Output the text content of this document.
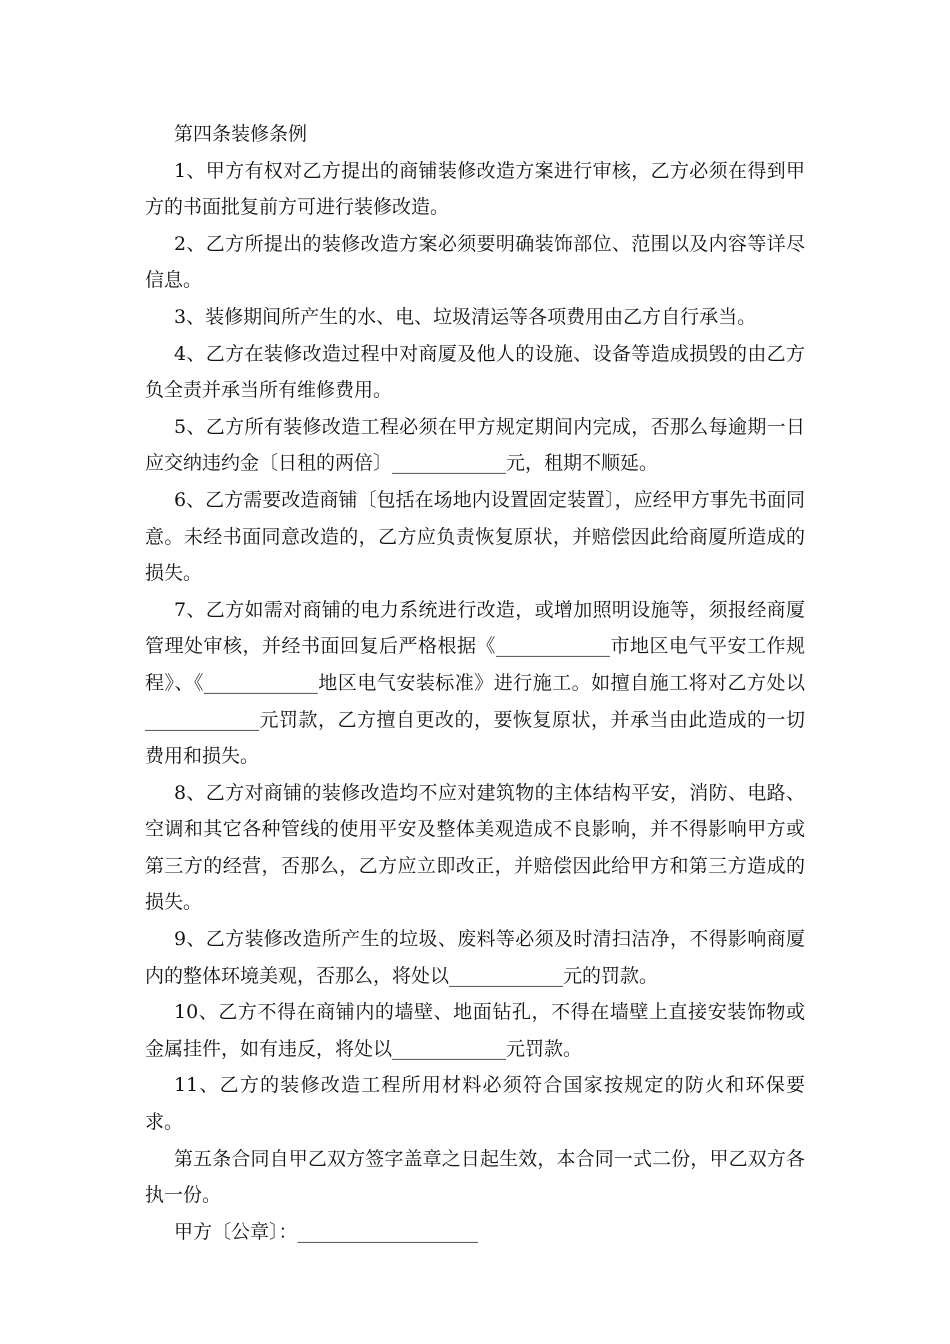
第四条装修条例

1、甲方有权对乙方提出的商铺装修改造方案进行审核，乙方必须在得到甲方的书面批复前方可进行装修改造。

2、乙方所提出的装修改造方案必须要明确装饰部位、范围以及内容等详尽信息。

3、装修期间所产生的水、电、垃圾清运等各项费用由乙方自行承当。

4、乙方在装修改造过程中对商厦及他人的设施、设备等造成损毁的由乙方负全责并承当所有维修费用。

5、乙方所有装修改造工程必须在甲方规定期间内完成，否那么每逾期一日应交纳违约金〔日租的两倍〕____________元，租期不顺延。

6、乙方需要改造商铺〔包括在场地内设置固定装置〕，应经甲方事先书面同意。未经书面同意改造的，乙方应负责恢复原状，并赔偿因此给商厦所造成的损失。

7、乙方如需对商铺的电力系统进行改造，或增加照明设施等，须报经商厦管理处审核，并经书面回复后严格根据《____________市地区电气平安工作规程》、《____________地区电气安装标准》进行施工。如擅自施工将对乙方处以____________元罚款，乙方擅自更改的，要恢复原状，并承当由此造成的一切费用和损失。

8、乙方对商铺的装修改造均不应对建筑物的主体结构平安，消防、电路、空调和其它各种管线的使用平安及整体美观造成不良影响，并不得影响甲方或第三方的经营，否那么，乙方应立即改正，并赔偿因此给甲方和第三方造成的损失。

9、乙方装修改造所产生的垃圾、废料等必须及时清扫洁净，不得影响商厦内的整体环境美观，否那么，将处以____________元的罚款。

10、乙方不得在商铺内的墙壁、地面钻孔，不得在墙壁上直接安装饰物或金属挂件，如有违反，将处以____________元罚款。

11、乙方的装修改造工程所用材料必须符合国家按规定的防火和环保要求。

第五条合同自甲乙双方签字盖章之日起生效，本合同一式二份，甲乙双方各执一份。

甲方〔公章〕：___________________
